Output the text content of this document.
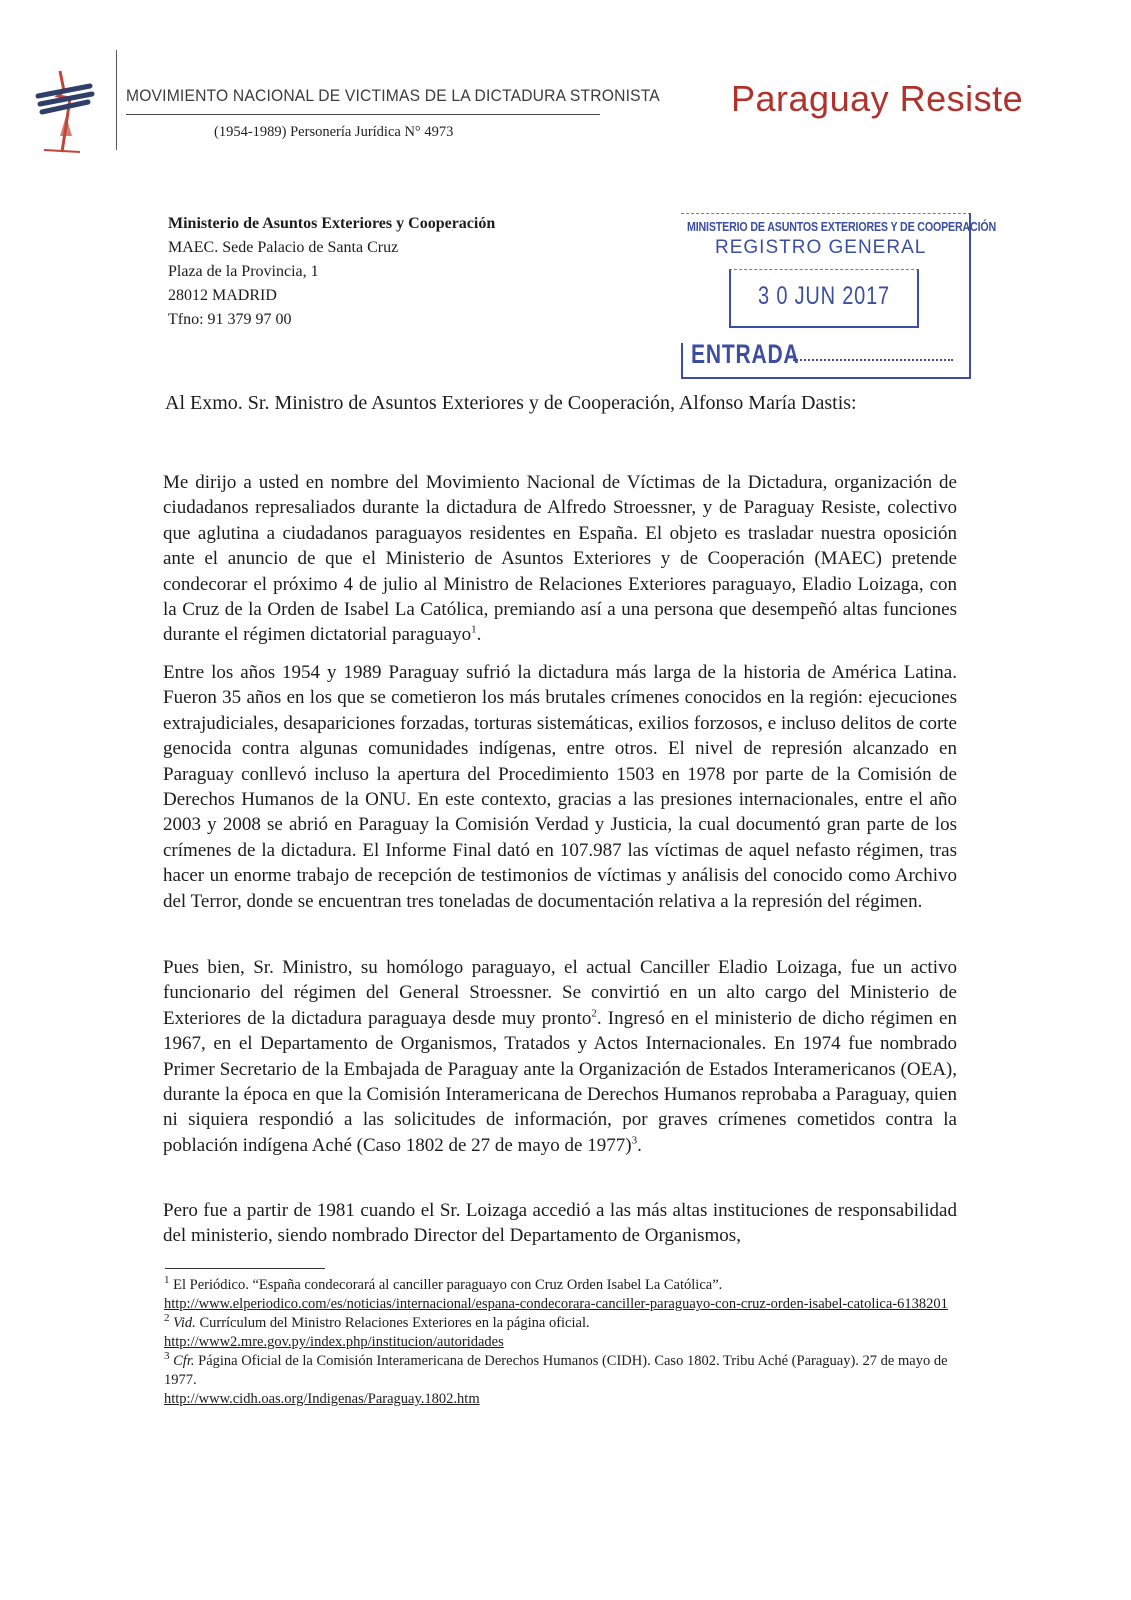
MOVIMIENTO NACIONAL DE VICTIMAS DE LA DICTADURA STRONISTA
(1954-1989) Personería Jurídica N° 4973
Paraguay Resiste
Ministerio de Asuntos Exteriores y Cooperación
MAEC. Sede Palacio de Santa Cruz
Plaza de la Provincia, 1
28012 MADRID
Tfno: 91 379 97 00
MINISTERIO DE ASUNTOS EXTERIORES Y DE COOPERACIÓN
REGISTRO GENERAL
3 0 JUN 2017
ENTRADA
Al Exmo. Sr. Ministro de Asuntos Exteriores y de Cooperación, Alfonso María Dastis:
Me dirijo a usted en nombre del Movimiento Nacional de Víctimas de la Dictadura, organización de ciudadanos represaliados durante la dictadura de Alfredo Stroessner, y de Paraguay Resiste, colectivo que aglutina a ciudadanos paraguayos residentes en España. El objeto es trasladar nuestra oposición ante el anuncio de que el Ministerio de Asuntos Exteriores y de Cooperación (MAEC) pretende condecorar el próximo 4 de julio al Ministro de Relaciones Exteriores paraguayo, Eladio Loizaga, con la Cruz de la Orden de Isabel La Católica, premiando así a una persona que desempeñó altas funciones durante el régimen dictatorial paraguayo$^1$.
Entre los años 1954 y 1989 Paraguay sufrió la dictadura más larga de la historia de América Latina. Fueron 35 años en los que se cometieron los más brutales crímenes conocidos en la región: ejecuciones extrajudiciales, desapariciones forzadas, torturas sistemáticas, exilios forzosos, e incluso delitos de corte genocida contra algunas comunidades indígenas, entre otros. El nivel de represión alcanzado en Paraguay conllevó incluso la apertura del Procedimiento 1503 en 1978 por parte de la Comisión de Derechos Humanos de la ONU. En este contexto, gracias a las presiones internacionales, entre el año 2003 y 2008 se abrió en Paraguay la Comisión Verdad y Justicia, la cual documentó gran parte de los crímenes de la dictadura. El Informe Final dató en 107.987 las víctimas de aquel nefasto régimen, tras hacer un enorme trabajo de recepción de testimonios de víctimas y análisis del conocido como Archivo del Terror, donde se encuentran tres toneladas de documentación relativa a la represión del régimen.
Pues bien, Sr. Ministro, su homólogo paraguayo, el actual Canciller Eladio Loizaga, fue un activo funcionario del régimen del General Stroessner. Se convirtió en un alto cargo del Ministerio de Exteriores de la dictadura paraguaya desde muy pronto$^2$. Ingresó en el ministerio de dicho régimen en 1967, en el Departamento de Organismos, Tratados y Actos Internacionales. En 1974 fue nombrado Primer Secretario de la Embajada de Paraguay ante la Organización de Estados Interamericanos (OEA), durante la época en que la Comisión Interamericana de Derechos Humanos reprobaba a Paraguay, quien ni siquiera respondió a las solicitudes de información, por graves crímenes cometidos contra la población indígena Aché (Caso 1802 de 27 de mayo de 1977)$^3$.
Pero fue a partir de 1981 cuando el Sr. Loizaga accedió a las más altas instituciones de responsabilidad del ministerio, siendo nombrado Director del Departamento de Organismos,

$^1$ El Periódico. “España condecorará al canciller paraguayo con Cruz Orden Isabel La Católica”.
http://www.elperiodico.com/es/noticias/internacional/espana-condecorara-canciller-paraguayo-con-cruz-orden-isabel-catolica-6138201

$^2$ Vid. Currículum del Ministro Relaciones Exteriores en la página oficial.
http://www2.mre.gov.py/index.php/institucion/autoridades

$^3$ Cfr. Página Oficial de la Comisión Interamericana de Derechos Humanos (CIDH). Caso 1802. Tribu Aché (Paraguay). 27 de mayo de 1977.
http://www.cidh.oas.org/Indigenas/Paraguay.1802.htm
